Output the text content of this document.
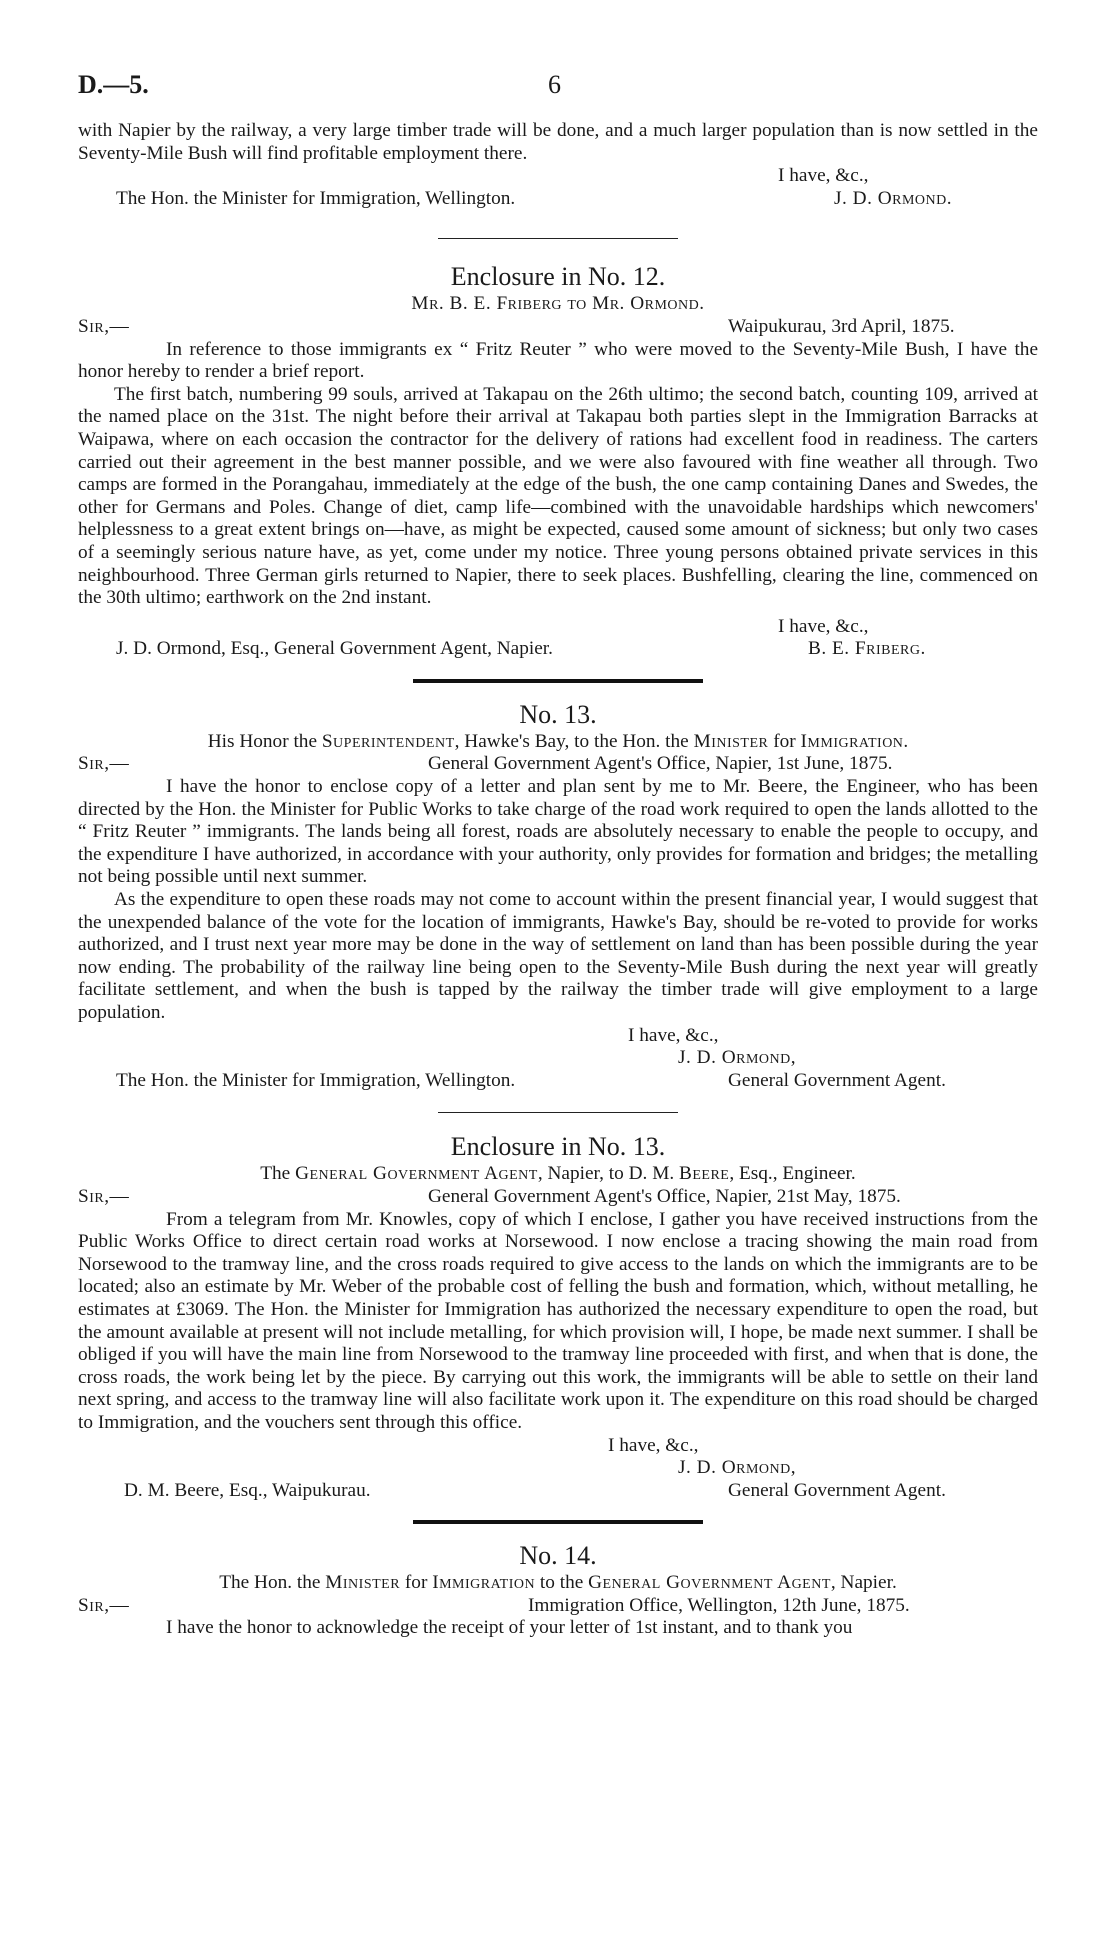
D.—5.	6

with Napier by the railway, a very large timber trade will be done, and a much larger population than is now settled in the Seventy-Mile Bush will find profitable employment there.

I have, &c.,
The Hon. the Minister for Immigration, Wellington.	J. D. Ormond.
Enclosure in No. 12.
Mr. B. E. Friberg to Mr. Ormond.
Sir,—	Waipukurau, 3rd April, 1875.

In reference to those immigrants ex “ Fritz Reuter ” who were moved to the Seventy-Mile Bush, I have the honor hereby to render a brief report.

The first batch, numbering 99 souls, arrived at Takapau on the 26th ultimo; the second batch, counting 109, arrived at the named place on the 31st. The night before their arrival at Takapau both parties slept in the Immigration Barracks at Waipawa, where on each occasion the contractor for the delivery of rations had excellent food in readiness. The carters carried out their agreement in the best manner possible, and we were also favoured with fine weather all through. Two camps are formed in the Porangahau, immediately at the edge of the bush, the one camp containing Danes and Swedes, the other for Germans and Poles. Change of diet, camp life—combined with the unavoidable hardships which newcomers' helplessness to a great extent brings on—have, as might be expected, caused some amount of sickness; but only two cases of a seemingly serious nature have, as yet, come under my notice. Three young persons obtained private services in this neighbourhood. Three German girls returned to Napier, there to seek places. Bushfelling, clearing the line, commenced on the 30th ultimo; earthwork on the 2nd instant.

I have, &c.,
J. D. Ormond, Esq., General Government Agent, Napier.	B. E. Friberg.
No. 13.
His Honor the Superintendent, Hawke's Bay, to the Hon. the Minister for Immigration.
Sir,—	General Government Agent's Office, Napier, 1st June, 1875.

I have the honor to enclose copy of a letter and plan sent by me to Mr. Beere, the Engineer, who has been directed by the Hon. the Minister for Public Works to take charge of the road work required to open the lands allotted to the “ Fritz Reuter ” immigrants. The lands being all forest, roads are absolutely necessary to enable the people to occupy, and the expenditure I have authorized, in accordance with your authority, only provides for formation and bridges; the metalling not being possible until next summer.

As the expenditure to open these roads may not come to account within the present financial year, I would suggest that the unexpended balance of the vote for the location of immigrants, Hawke's Bay, should be re-voted to provide for works authorized, and I trust next year more may be done in the way of settlement on land than has been possible during the year now ending. The probability of the railway line being open to the Seventy-Mile Bush during the next year will greatly facilitate settlement, and when the bush is tapped by the railway the timber trade will give employment to a large population.

I have, &c.,
J. D. Ormond,
The Hon. the Minister for Immigration, Wellington.	General Government Agent.
Enclosure in No. 13.
The General Government Agent, Napier, to D. M. Beere, Esq., Engineer.
Sir,—	General Government Agent's Office, Napier, 21st May, 1875.

From a telegram from Mr. Knowles, copy of which I enclose, I gather you have received instructions from the Public Works Office to direct certain road works at Norsewood. I now enclose a tracing showing the main road from Norsewood to the tramway line, and the cross roads required to give access to the lands on which the immigrants are to be located; also an estimate by Mr. Weber of the probable cost of felling the bush and formation, which, without metalling, he estimates at £3069. The Hon. the Minister for Immigration has authorized the necessary expenditure to open the road, but the amount available at present will not include metalling, for which provision will, I hope, be made next summer. I shall be obliged if you will have the main line from Norsewood to the tramway line proceeded with first, and when that is done, the cross roads, the work being let by the piece. By carrying out this work, the immigrants will be able to settle on their land next spring, and access to the tramway line will also facilitate work upon it. The expenditure on this road should be charged to Immigration, and the vouchers sent through this office.

I have, &c.,
J. D. Ormond,
D. M. Beere, Esq., Waipukurau.	General Government Agent.
No. 14.
The Hon. the Minister for Immigration to the General Government Agent, Napier.
Sir,—	Immigration Office, Wellington, 12th June, 1875.

I have the honor to acknowledge the receipt of your letter of 1st instant, and to thank you
